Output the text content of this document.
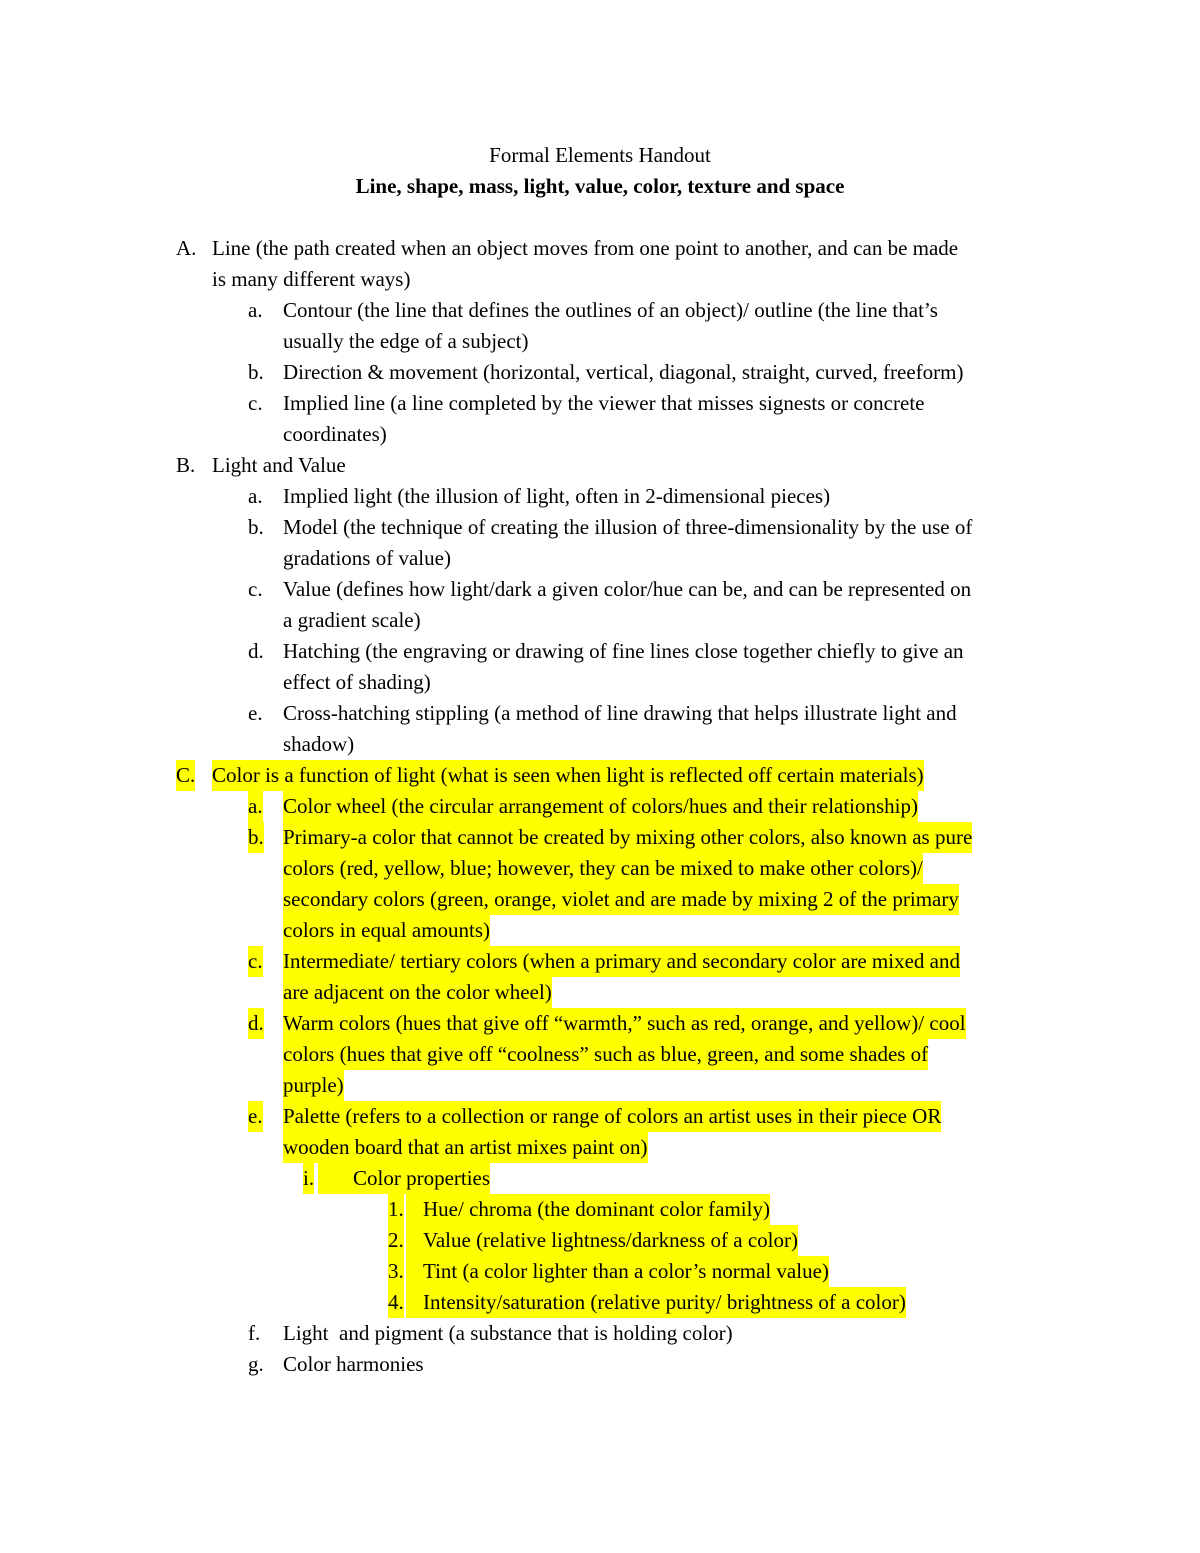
Formal Elements Handout
Line, shape, mass, light, value, color, texture and space
A. Line (the path created when an object moves from one point to another, and can be made
is many different ways)
a. Contour (the line that defines the outlines of an object)/ outline (the line that’s
usually the edge of a subject)
b. Direction & movement (horizontal, vertical, diagonal, straight, curved, freeform)
c. Implied line (a line completed by the viewer that misses signests or concrete
coordinates)
B. Light and Value
a. Implied light (the illusion of light, often in 2-dimensional pieces)
b. Model (the technique of creating the illusion of three-dimensionality by the use of
gradations of value)
c. Value (defines how light/dark a given color/hue can be, and can be represented on
a gradient scale)
d. Hatching (the engraving or drawing of fine lines close together chiefly to give an
effect of shading)
e. Cross-hatching stippling (a method of line drawing that helps illustrate light and
shadow)
C. Color is a function of light (what is seen when light is reflected off certain materials)
a. Color wheel (the circular arrangement of colors/hues and their relationship)
b. Primary-a color that cannot be created by mixing other colors, also known as pure
colors (red, yellow, blue; however, they can be mixed to make other colors)/
secondary colors (green, orange, violet and are made by mixing 2 of the primary
colors in equal amounts)
c. Intermediate/ tertiary colors (when a primary and secondary color are mixed and
are adjacent on the color wheel)
d. Warm colors (hues that give off “warmth,” such as red, orange, and yellow)/ cool
colors (hues that give off “coolness” such as blue, green, and some shades of
purple)
e. Palette (refers to a collection or range of colors an artist uses in their piece OR
wooden board that an artist mixes paint on)
i.	Color properties
1. Hue/ chroma (the dominant color family)
2. Value (relative lightness/darkness of a color)
3. Tint (a color lighter than a color’s normal value)
4. Intensity/saturation (relative purity/ brightness of a color)
f. Light  and pigment (a substance that is holding color)
g. Color harmonies
